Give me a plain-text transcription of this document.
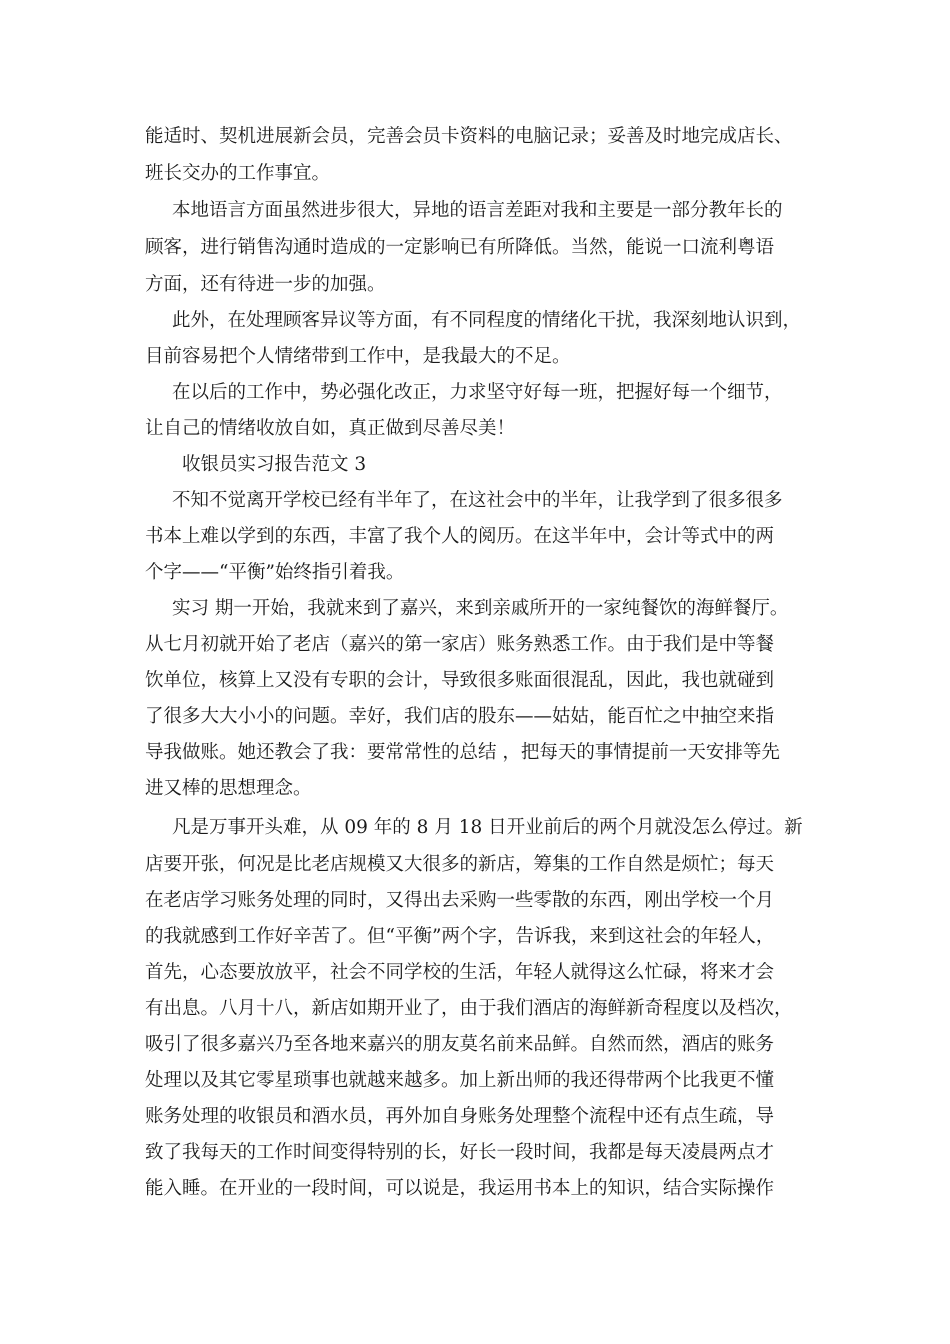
能适时、契机进展新会员，完善会员卡资料的电脑记录；妥善及时地完成店长、

班长交办的工作事宜。

本地语言方面虽然进步很大，异地的语言差距对我和主要是一部分教年长的

顾客，进行销售沟通时造成的一定影响已有所降低。当然，能说一口流利粤语

方面，还有待进一步的加强。

此外，在处理顾客异议等方面，有不同程度的情绪化干扰，我深刻地认识到，

目前容易把个人情绪带到工作中，是我最大的不足。

在以后的工作中，势必强化改正，力求坚守好每一班，把握好每一个细节，

让自己的情绪收放自如，真正做到尽善尽美！

收银员实习报告范文 3

不知不觉离开学校已经有半年了，在这社会中的半年，让我学到了很多很多

书本上难以学到的东西，丰富了我个人的阅历。在这半年中，会计等式中的两

个字——“平衡”始终指引着我。

实习 期一开始，我就来到了嘉兴，来到亲戚所开的一家纯餐饮的海鲜餐厅。

从七月初就开始了老店（嘉兴的第一家店）账务熟悉工作。由于我们是中等餐

饮单位，核算上又没有专职的会计，导致很多账面很混乱，因此，我也就碰到

了很多大大小小的问题。幸好，我们店的股东——姑姑，能百忙之中抽空来指

导我做账。她还教会了我：要常常性的总结 ，把每天的事情提前一天安排等先

进又棒的思想理念。

凡是万事开头难，从 09 年的 8 月 18 日开业前后的两个月就没怎么停过。新

店要开张，何况是比老店规模又大很多的新店，筹集的工作自然是烦忙；每天

在老店学习账务处理的同时，又得出去采购一些零散的东西，刚出学校一个月

的我就感到工作好辛苦了。但“平衡”两个字，告诉我，来到这社会的年轻人，

首先，心态要放放平，社会不同学校的生活，年轻人就得这么忙碌，将来才会

有出息。八月十八，新店如期开业了，由于我们酒店的海鲜新奇程度以及档次，

吸引了很多嘉兴乃至各地来嘉兴的朋友莫名前来品鲜。自然而然，酒店的账务

处理以及其它零星琐事也就越来越多。加上新出师的我还得带两个比我更不懂

账务处理的收银员和酒水员，再外加自身账务处理整个流程中还有点生疏，导

致了我每天的工作时间变得特别的长，好长一段时间，我都是每天凌晨两点才

能入睡。在开业的一段时间，可以说是，我运用书本上的知识，结合实际操作
